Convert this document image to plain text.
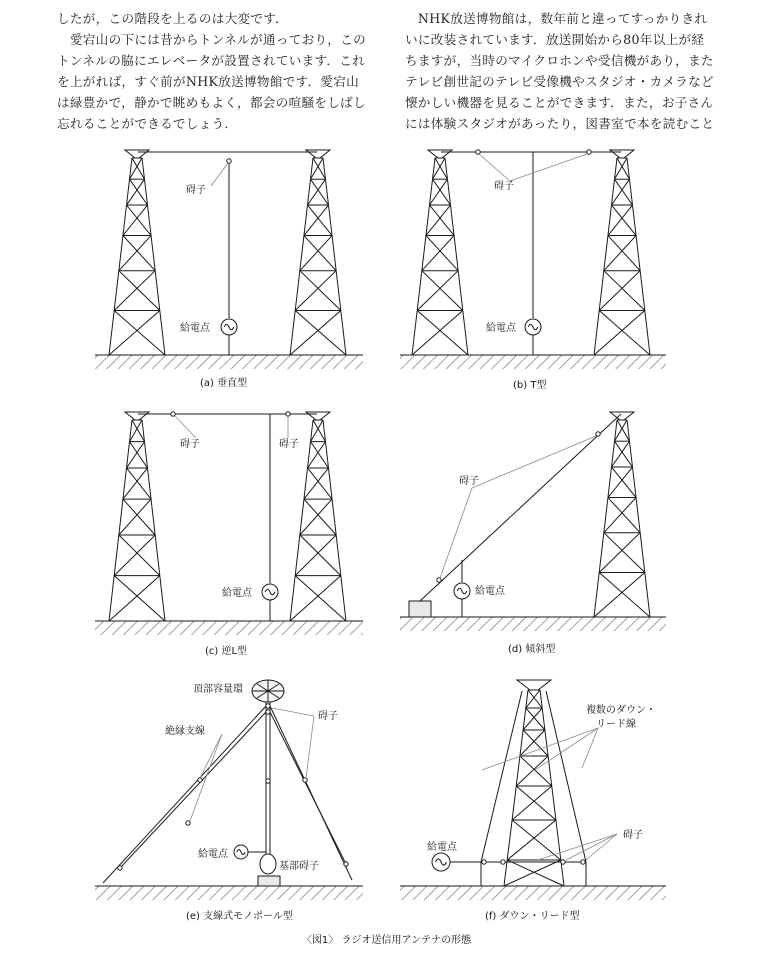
したが，この階段を上るのは大変です．

　愛宕山の下には昔からトンネルが通っており，この

トンネルの脇にエレベータが設置されています．これ

を上がれば，すぐ前がNHK放送博物館です．愛宕山

は緑豊かで，静かで眺めもよく，都会の喧騒をしばし

忘れることができるでしょう．

　NHK放送博物館は，数年前と違ってすっかりきれ

いに改装されています．放送開始から80年以上が経

ちますが，当時のマイクロホンや受信機があり，また

テレビ創世記のテレビ受像機やスタジオ・カメラなど

懐かしい機器を見ることができます．また，お子さん

には体験スタジオがあったり，図書室で本を読むこと

碍子
給電点
(a) 垂直型
碍子
給電点
(b) T型
碍子	碍子
給電点
(c) 逆L型
碍子
給電点
(d) 傾斜型
頂部容量環
絶縁支線
碍子
給電点
基部碍子
(e) 支線式モノポール型
複数のダウン・
リード線
碍子
給電点
(f) ダウン・リード型
〈図1〉 ラジオ送信用アンテナの形態
